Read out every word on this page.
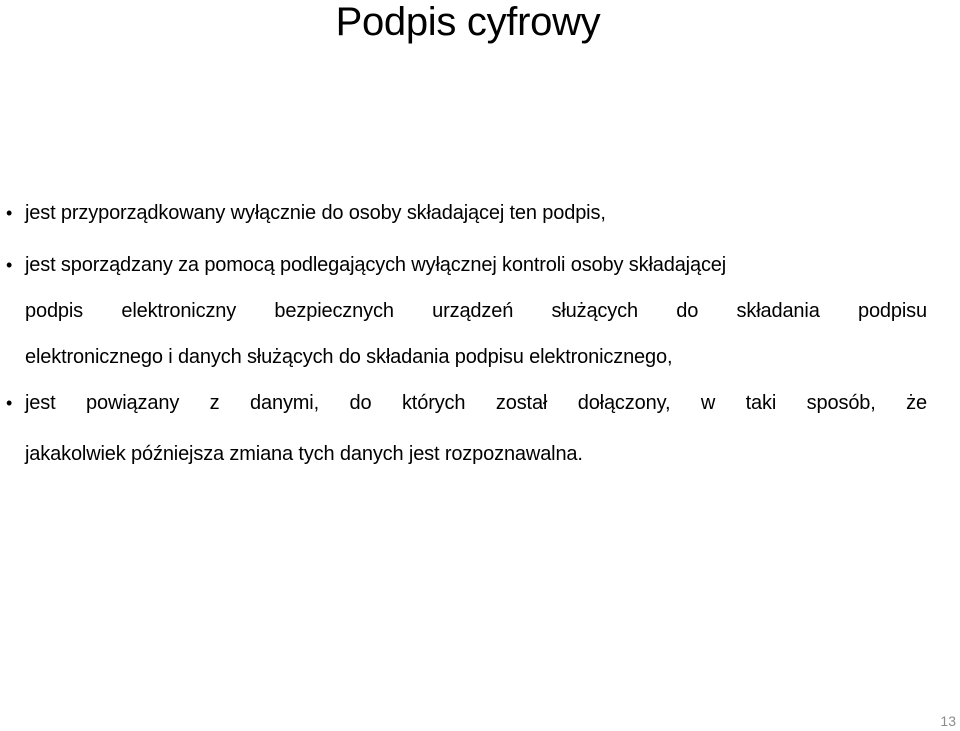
Podpis cyfrowy
• jest przyporządkowany wyłącznie do osoby składającej ten podpis,
• jest sporządzany za pomocą podlegających wyłącznej kontroli osoby składającej
podpis elektroniczny bezpiecznych urządzeń służących do składania podpisu
elektronicznego i danych służących do składania podpisu elektronicznego,
• jest powiązany z danymi, do których został dołączony, w taki sposób, że
jakakolwiek późniejsza zmiana tych danych jest rozpoznawalna.
13
